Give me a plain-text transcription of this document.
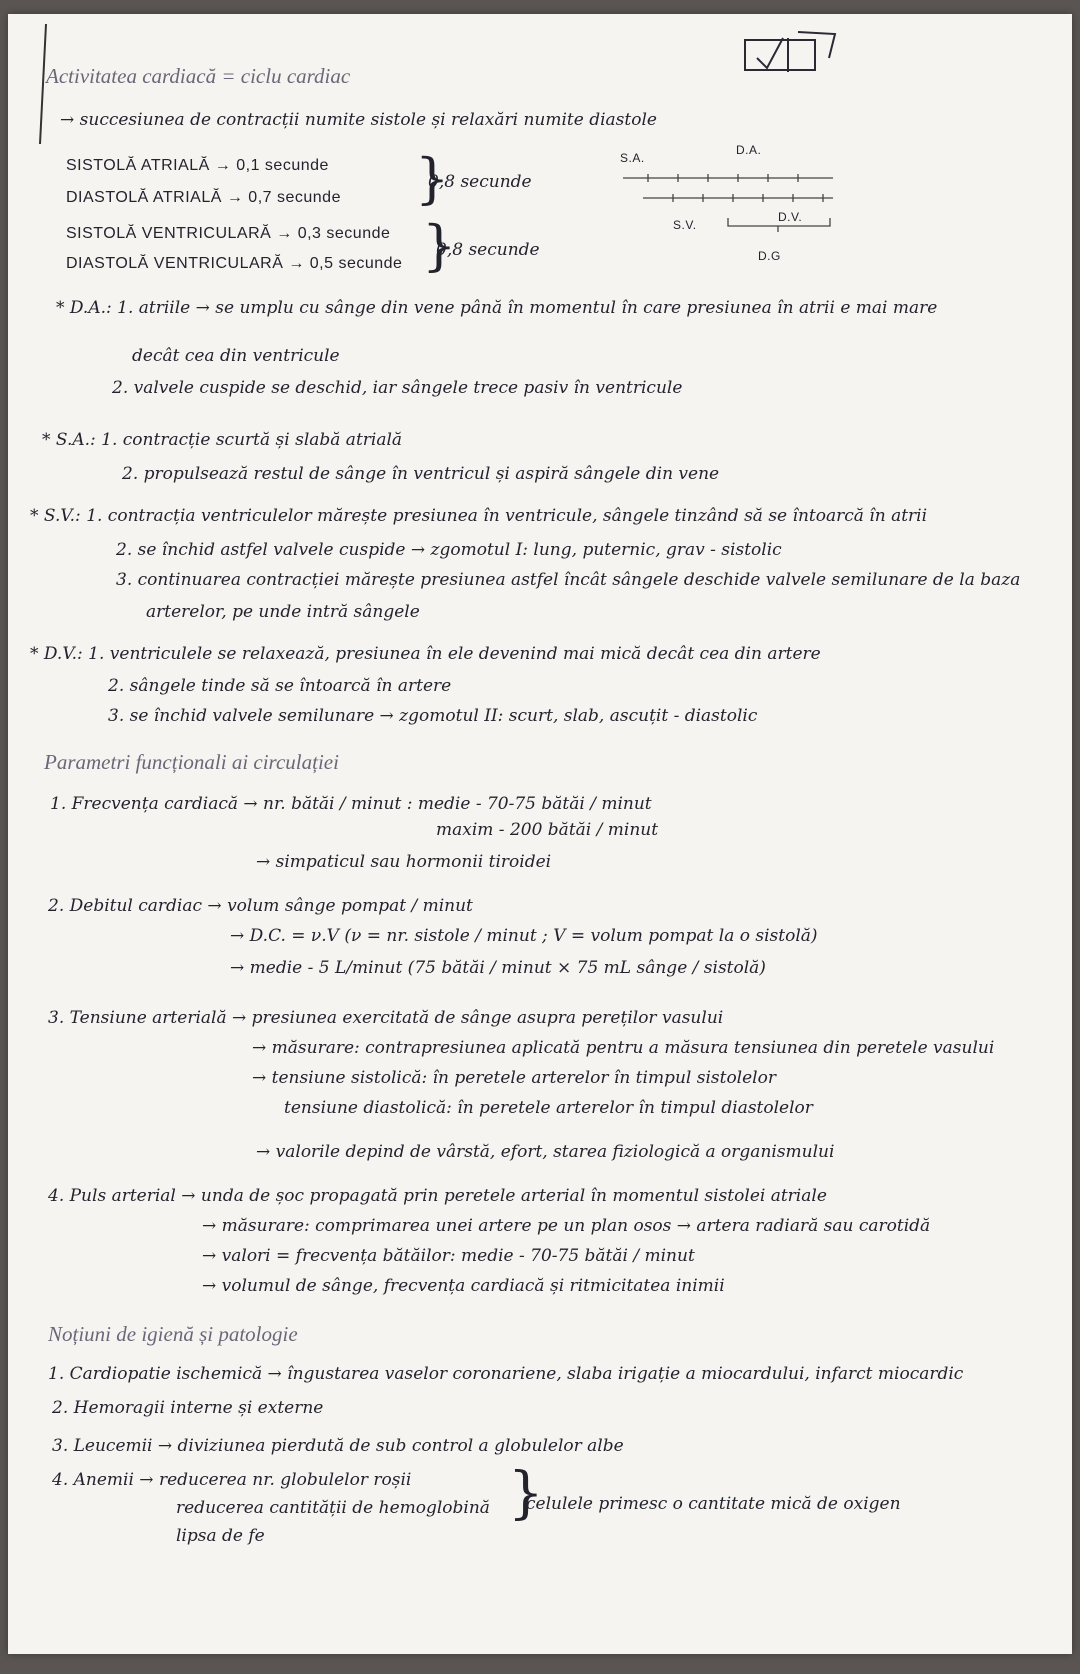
Activitatea cardiacă = ciclu cardiac
→ succesiunea de contracții numite sistole și relaxări numite diastole
SISTOLĂ ATRIALĂ → 0,1 secunde
DIASTOLĂ ATRIALĂ → 0,7 secunde }
0,8 secunde
SISTOLĂ VENTRICULARĂ → 0,3 secunde
DIASTOLĂ VENTRICULARĂ → 0,5 secunde }
0,8 secunde
S.A.
D.A.
S.V.
D.V.
D.G
* D.A.: 1. atriile → se umplu cu sânge din vene până în momentul în care presiunea în atrii e mai mare
decât cea din ventricule
2. valvele cuspide se deschid, iar sângele trece pasiv în ventricule
* S.A.: 1. contracție scurtă și slabă atrială
2. propulsează restul de sânge în ventricul și aspiră sângele din vene
* S.V.: 1. contracția ventriculelor mărește presiunea în ventricule, sângele tinzând să se întoarcă în atrii
2. se închid astfel valvele cuspide → zgomotul I: lung, puternic, grav - sistolic
3. continuarea contracției mărește presiunea astfel încât sângele deschide valvele semilunare de la baza
arterelor, pe unde intră sângele
* D.V.: 1. ventriculele se relaxează, presiunea în ele devenind mai mică decât cea din artere
2. sângele tinde să se întoarcă în artere
3. se închid valvele semilunare → zgomotul II: scurt, slab, ascuțit - diastolic
Parametri funcționali ai circulației
1. Frecvența cardiacă → nr. bătăi / minut : medie - 70-75 bătăi / minut
maxim - 200 bătăi / minut
→ simpaticul sau hormonii tiroidei
2. Debitul cardiac → volum sânge pompat / minut
→ D.C. = ν.V (ν = nr. sistole / minut ; V = volum pompat la o sistolă)
→ medie - 5 L/minut (75 bătăi / minut × 75 mL sânge / sistolă)
3. Tensiune arterială → presiunea exercitată de sânge asupra pereților vasului
→ măsurare: contrapresiunea aplicată pentru a măsura tensiunea din peretele vasului
→ tensiune sistolică: în peretele arterelor în timpul sistolelor
tensiune diastolică: în peretele arterelor în timpul diastolelor
→ valorile depind de vârstă, efort, starea fiziologică a organismului
4. Puls arterial → unda de șoc propagată prin peretele arterial în momentul sistolei atriale
→ măsurare: comprimarea unei artere pe un plan osos → artera radiară sau carotidă
→ valori = frecvența bătăilor: medie - 70-75 bătăi / minut
→ volumul de sânge, frecvența cardiacă și ritmicitatea inimii
Noțiuni de igienă și patologie
1. Cardiopatie ischemică → îngustarea vaselor coronariene, slaba irigație a miocardului, infarct miocardic
2. Hemoragii interne și externe
3. Leucemii → diviziunea pierdută de sub control a globulelor albe
4. Anemii → reducerea nr. globulelor roșii
reducerea cantității de hemoglobină
lipsa de fe
}
celulele primesc o cantitate mică de oxigen
